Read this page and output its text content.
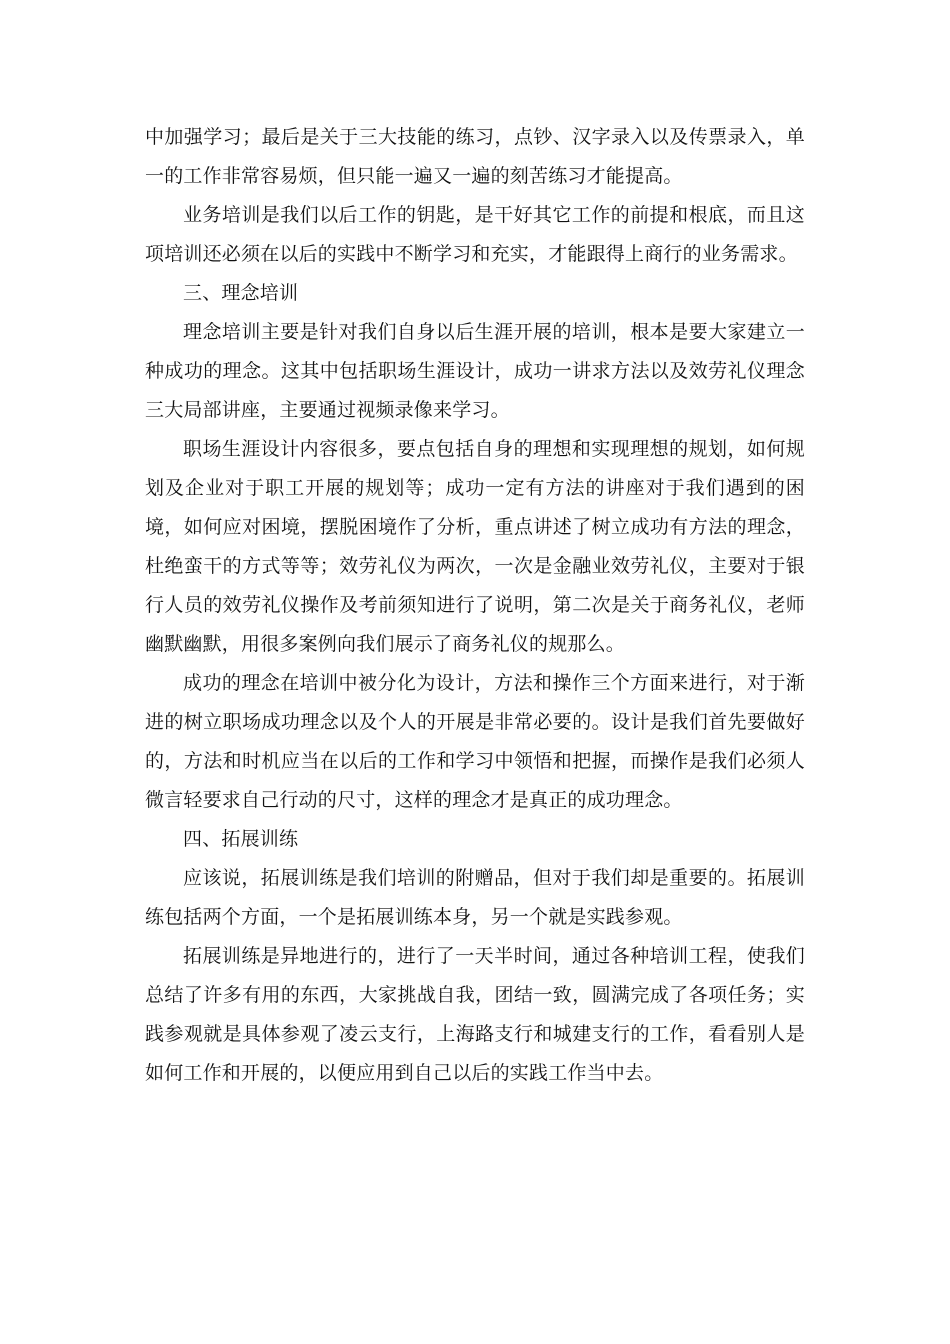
中加强学习；最后是关于三大技能的练习，点钞、汉字录入以及传票录入，单一的工作非常容易烦，但只能一遍又一遍的刻苦练习才能提高。

业务培训是我们以后工作的钥匙，是干好其它工作的前提和根底，而且这项培训还必须在以后的实践中不断学习和充实，才能跟得上商行的业务需求。

三、理念培训

理念培训主要是针对我们自身以后生涯开展的培训，根本是要大家建立一种成功的理念。这其中包括职场生涯设计，成功一讲求方法以及效劳礼仪理念三大局部讲座，主要通过视频录像来学习。

职场生涯设计内容很多，要点包括自身的理想和实现理想的规划，如何规划及企业对于职工开展的规划等；成功一定有方法的讲座对于我们遇到的困境，如何应对困境，摆脱困境作了分析，重点讲述了树立成功有方法的理念，杜绝蛮干的方式等等；效劳礼仪为两次，一次是金融业效劳礼仪，主要对于银行人员的效劳礼仪操作及考前须知进行了说明，第二次是关于商务礼仪，老师幽默幽默，用很多案例向我们展示了商务礼仪的规那么。

成功的理念在培训中被分化为设计，方法和操作三个方面来进行，对于渐进的树立职场成功理念以及个人的开展是非常必要的。设计是我们首先要做好的，方法和时机应当在以后的工作和学习中领悟和把握，而操作是我们必须人微言轻要求自己行动的尺寸，这样的理念才是真正的成功理念。

四、拓展训练

应该说，拓展训练是我们培训的附赠品，但对于我们却是重要的。拓展训练包括两个方面，一个是拓展训练本身，另一个就是实践参观。

拓展训练是异地进行的，进行了一天半时间，通过各种培训工程，使我们总结了许多有用的东西，大家挑战自我，团结一致，圆满完成了各项任务；实践参观就是具体参观了凌云支行，上海路支行和城建支行的工作，看看别人是如何工作和开展的，以便应用到自己以后的实践工作当中去。
